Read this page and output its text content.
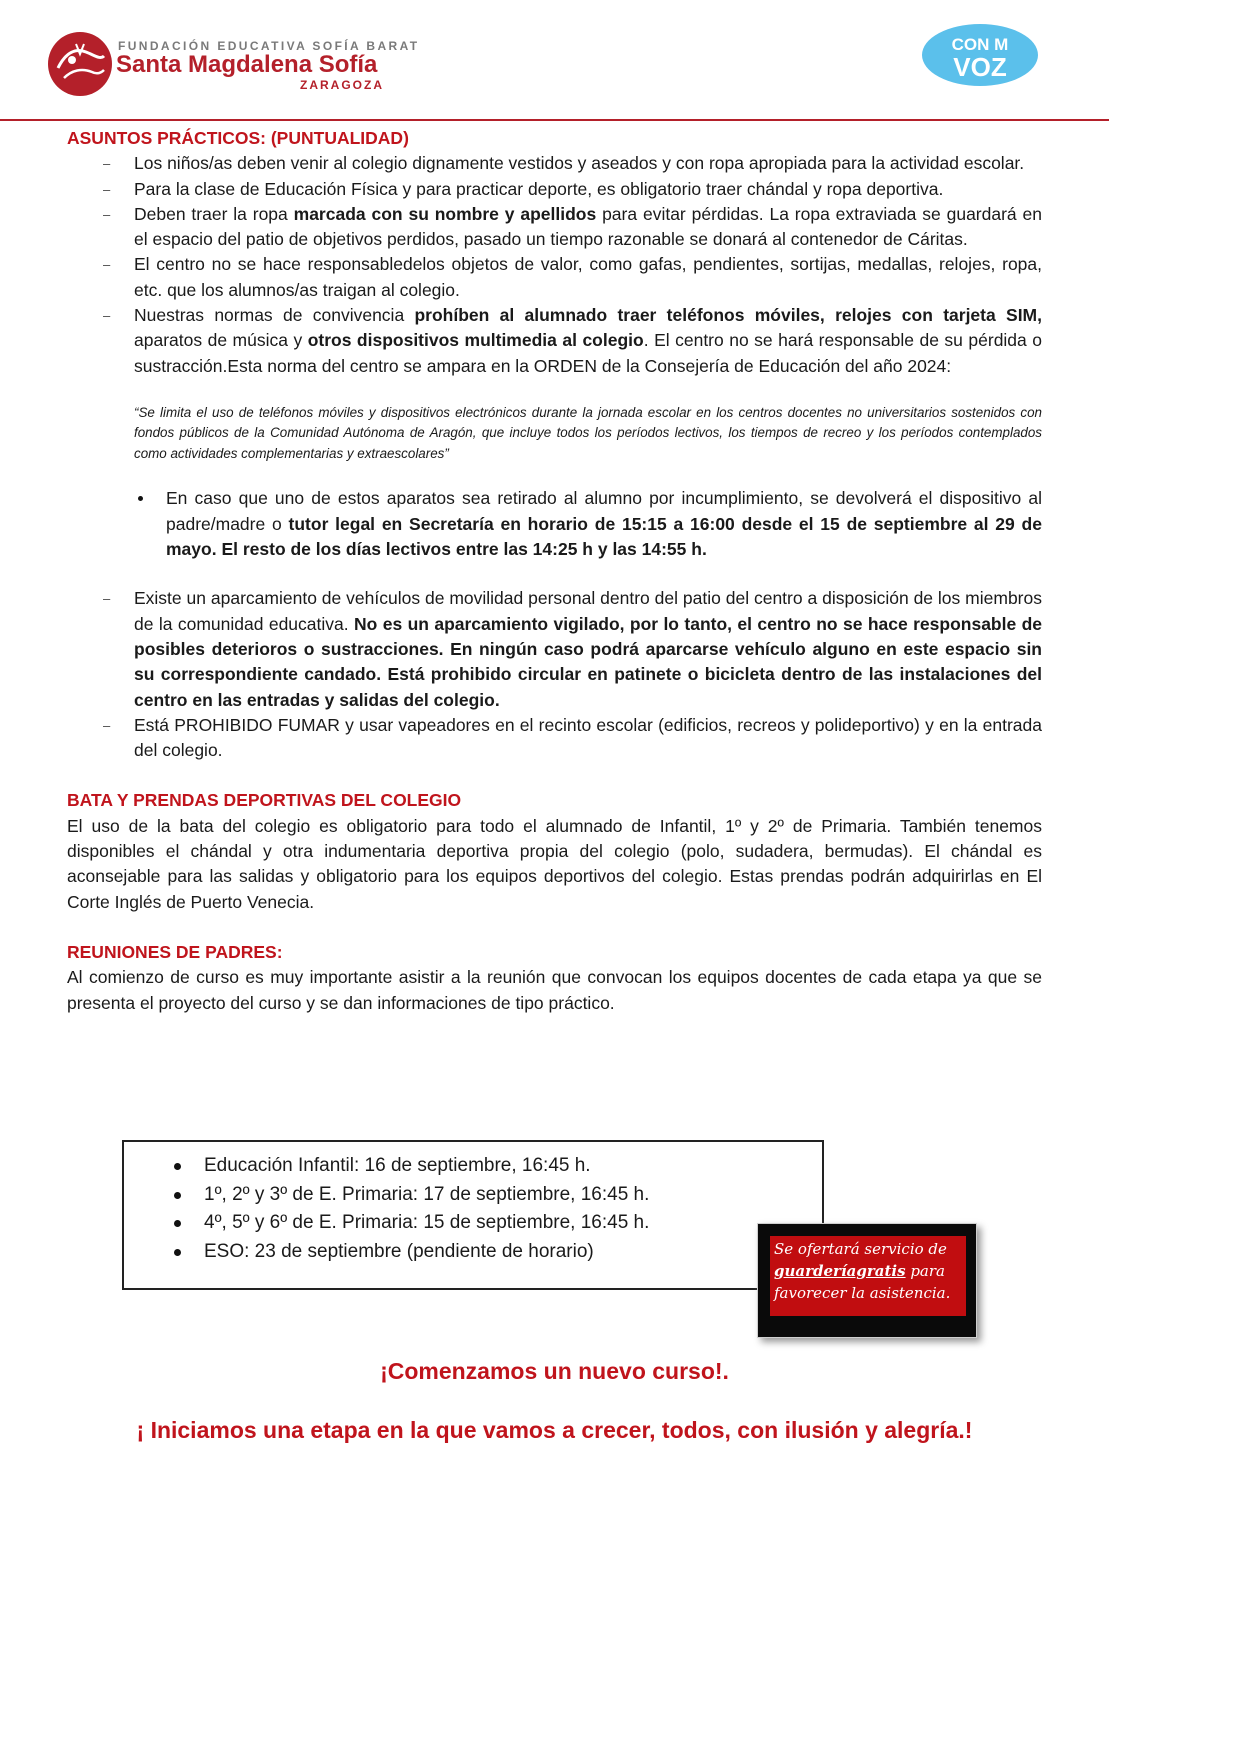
FUNDACIÓN EDUCATIVA SOFÍA BARAT
Santa Magdalena Sofía
ZARAGOZA
CON M
VOZ

ASUNTOS PRÁCTICOS: (PUNTUALIDAD)

– Los niños/as deben venir al colegio dignamente vestidos y aseados y con ropa apropiada para la actividad escolar.
– Para la clase de Educación Física y para practicar deporte, es obligatorio traer chándal y ropa deportiva.
– Deben traer la ropa marcada con su nombre y apellidos para evitar pérdidas. La ropa extraviada se guardará en el espacio del patio de objetivos perdidos, pasado un tiempo razonable se donará al contenedor de Cáritas.
– El centro no se hace responsabledelos objetos de valor, como gafas, pendientes, sortijas, medallas, relojes, ropa, etc. que los alumnos/as traigan al colegio.
– Nuestras normas de convivencia prohíben al alumnado traer teléfonos móviles, relojes con tarjeta SIM, aparatos de música y otros dispositivos multimedia al colegio. El centro no se hará responsable de su pérdida o sustracción.Esta norma del centro se ampara en la ORDEN de la Consejería de Educación del año 2024:

“Se limita el uso de teléfonos móviles y dispositivos electrónicos durante la jornada escolar en los centros docentes no universitarios sostenidos con fondos públicos de la Comunidad Autónoma de Aragón, que incluye todos los períodos lectivos, los tiempos de recreo y los períodos contemplados como actividades complementarias y extraescolares”

En caso que uno de estos aparatos sea retirado al alumno por incumplimiento, se devolverá el dispositivo al padre/madre o tutor legal en Secretaría en horario de 15:15 a 16:00 desde el 15 de septiembre al 29 de mayo. El resto de los días lectivos entre las 14:25 h y las 14:55 h.
– Existe un aparcamiento de vehículos de movilidad personal dentro del patio del centro a disposición de los miembros de la comunidad educativa. No es un aparcamiento vigilado, por lo tanto, el centro no se hace responsable de posibles deterioros o sustracciones. En ningún caso podrá aparcarse vehículo alguno en este espacio sin su correspondiente candado. Está prohibido circular en patinete o bicicleta dentro de las instalaciones del centro en las entradas y salidas del colegio.
– Está PROHIBIDO FUMAR y usar vapeadores en el recinto escolar (edificios, recreos y polideportivo) y en la entrada del colegio.

BATA Y PRENDAS DEPORTIVAS DEL COLEGIO

El uso de la bata del colegio es obligatorio para todo el alumnado de Infantil, 1º y 2º de Primaria. También tenemos disponibles el chándal y otra indumentaria deportiva propia del colegio (polo, sudadera, bermudas). El chándal es aconsejable para las salidas y obligatorio para los equipos deportivos del colegio. Estas prendas podrán adquirirlas en El Corte Inglés de Puerto Venecia.

REUNIONES DE PADRES:

Al comienzo de curso es muy importante asistir a la reunión que convocan los equipos docentes de cada etapa ya que se presenta el proyecto del curso y se dan informaciones de tipo práctico.

Educación Infantil: 16 de septiembre, 16:45 h.
1º, 2º y 3º de E. Primaria: 17 de septiembre, 16:45 h.
4º, 5º y 6º de E. Primaria: 15 de septiembre, 16:45 h.
ESO: 23 de septiembre (pendiente de horario)	Se ofertará servicio de guarderíagratis para favorecer la asistencia.
¡Comenzamos un nuevo curso!.
¡ Iniciamos una etapa en la que vamos a crecer, todos, con ilusión y alegría.!
